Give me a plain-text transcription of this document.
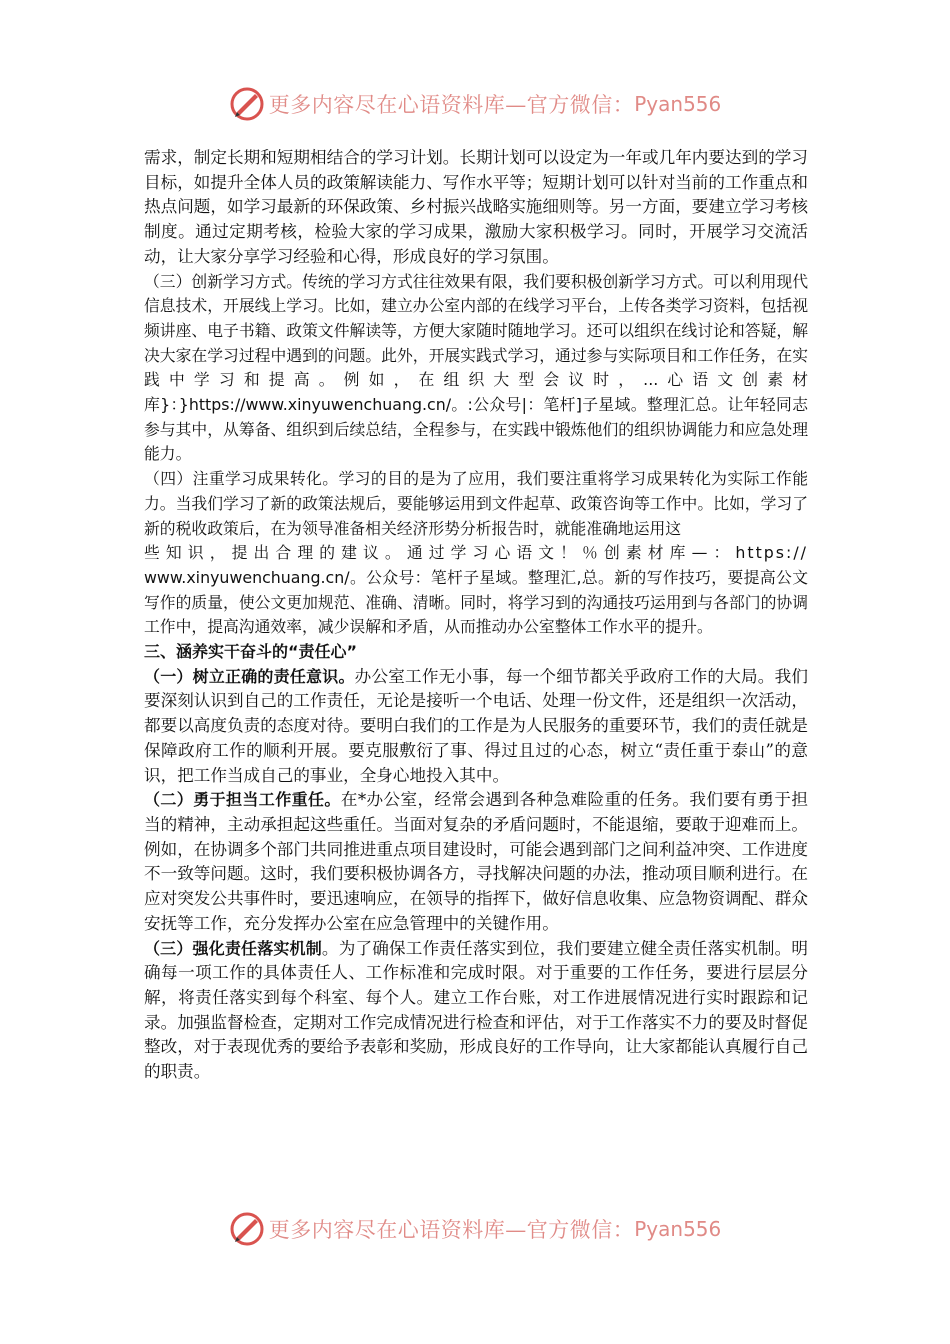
更多内容尽在心语资料库—官方微信： Pyan556

需求，制定长期和短期相结合的学习计划。长期计划可以设定为一年或几年内要达到的学习目标，如提升全体人员的政策解读能力、写作水平等；短期计划可以针对当前的工作重点和热点问题，如学习最新的环保政策、乡村振兴战略实施细则等。另一方面，要建立学习考核制度。通过定期考核，检验大家的学习成果，激励大家积极学习。同时，开展学习交流活动，让大家分享学习经验和心得，形成良好的学习氛围。

（三）创新学习方式。传统的学习方式往往效果有限，我们要积极创新学习方式。可以利用现代信息技术，开展线上学习。比如，建立办公室内部的在线学习平台，上传各类学习资料，包括视频讲座、电子书籍、政策文件解读等，方便大家随时随地学习。还可以组织在线讨论和答疑，解决大家在学习过程中遇到的问题。此外，开展实践式学习，通过参与实际项目和工作任务，在实践中学习和提高。例如，在组织大型会议时，...心语文创素材库}：}https://www.xinyuwenchuang.cn/。:公众号|：笔杆]子星域。整理汇总。让年轻同志参与其中，从筹备、组织到后续总结，全程参与，在实践中锻炼他们的组织协调能力和应急处理能力。

（四）注重学习成果转化。学习的目的是为了应用，我们要注重将学习成果转化为实际工作能力。当我们学习了新的政策法规后，要能够运用到文件起草、政策咨询等工作中。比如，学习了新的税收政策后，在为领导准备相关经济形势分析报告时，就能准确地运用这

些知识，提出合理的建议。通过学习心语文！％创素材库—：https://

www.xinyuwenchuang.cn/。公众号：笔杆子星域。整理汇,总。新的写作技巧，要提高公文写作的质量，使公文更加规范、准确、清晰。同时，将学习到的沟通技巧运用到与各部门的协调工作中，提高沟通效率，减少误解和矛盾，从而推动办公室整体工作水平的提升。

三、涵养实干奋斗的“责任心”

（一）树立正确的责任意识。办公室工作无小事，每一个细节都关乎政府工作的大局。我们要深刻认识到自己的工作责任，无论是接听一个电话、处理一份文件，还是组织一次活动，都要以高度负责的态度对待。要明白我们的工作是为人民服务的重要环节，我们的责任就是保障政府工作的顺利开展。要克服敷衍了事、得过且过的心态，树立“责任重于泰山”的意识，把工作当成自己的事业，全身心地投入其中。

（二）勇于担当工作重任。在*办公室，经常会遇到各种急难险重的任务。我们要有勇于担当的精神，主动承担起这些重任。当面对复杂的矛盾问题时，不能退缩，要敢于迎难而上。例如，在协调多个部门共同推进重点项目建设时，可能会遇到部门之间利益冲突、工作进度不一致等问题。这时，我们要积极协调各方，寻找解决问题的办法，推动项目顺利进行。在应对突发公共事件时，要迅速响应，在领导的指挥下，做好信息收集、应急物资调配、群众安抚等工作，充分发挥办公室在应急管理中的关键作用。

（三）强化责任落实机制。为了确保工作责任落实到位，我们要建立健全责任落实机制。明确每一项工作的具体责任人、工作标准和完成时限。对于重要的工作任务，要进行层层分解，将责任落实到每个科室、每个人。建立工作台账，对工作进展情况进行实时跟踪和记录。加强监督检查，定期对工作完成情况进行检查和评估，对于工作落实不力的要及时督促整改，对于表现优秀的要给予表彰和奖励，形成良好的工作导向，让大家都能认真履行自己的职责。

更多内容尽在心语资料库—官方微信： Pyan556
